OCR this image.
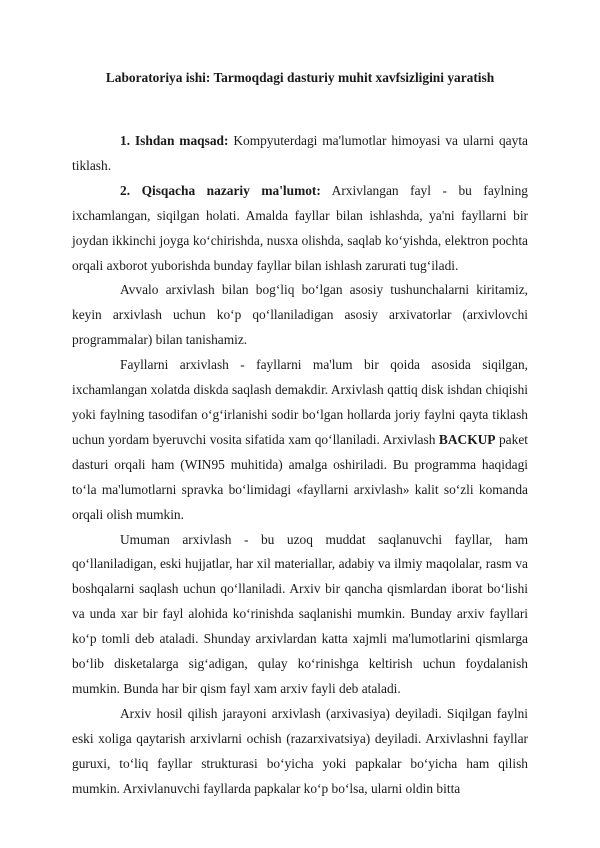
Laboratoriya ishi: Tarmoqdagi dasturiy muhit xavfsizligini yaratish

1. Ishdan maqsad: Kompyuterdagi ma'lumotlar himoyasi va ularni qayta tiklash.

2. Qisqacha nazariy ma'lumot: Arxivlangan fayl - bu faylning ixchamlangan, siqilgan holati. Amalda fayllar bilan ishlashda, ya'ni fayllarni bir joydan ikkinchi joyga ko‘chirishda, nusxa olishda, saqlab ko‘yishda, elektron pochta orqali axborot yuborishda bunday fayllar bilan ishlash zarurati tug‘iladi.

Avvalo arxivlash bilan bog‘liq bo‘lgan asosiy tushunchalarni kiritamiz, keyin arxivlash uchun ko‘p qo‘llaniladigan asosiy arxivatorlar (arxivlovchi programmalar) bilan tanishamiz.

Fayllarni arxivlash - fayllarni ma'lum bir qoida asosida siqilgan, ixchamlangan xolatda diskda saqlash demakdir. Arxivlash qattiq disk ishdan chiqishi yoki faylning tasodifan o‘g‘irlanishi sodir bo‘lgan hollarda joriy faylni qayta tiklash uchun yordam byeruvchi vosita sifatida xam qo‘llaniladi. Arxivlash BACKUP paket dasturi orqali ham (WIN95 muhitida) amalga oshiriladi. Bu programma haqidagi to‘la ma'lumotlarni spravka bo‘limidagi «fayllarni arxivlash» kalit so‘zli komanda orqali olish mumkin.

Umuman arxivlash - bu uzoq muddat saqlanuvchi fayllar, ham qo‘llaniladigan, eski hujjatlar, har xil materiallar, adabiy va ilmiy maqolalar, rasm va boshqalarni saqlash uchun qo‘llaniladi. Arxiv bir qancha qismlardan iborat bo‘lishi va unda xar bir fayl alohida ko‘rinishda saqlanishi mumkin. Bunday arxiv fayllari ko‘p tomli deb ataladi. Shunday arxivlardan katta xajmli ma'lumotlarini qismlarga bo‘lib disketalarga sig‘adigan, qulay ko‘rinishga keltirish uchun foydalanish mumkin. Bunda har bir qism fayl xam arxiv fayli deb ataladi.

Arxiv hosil qilish jarayoni arxivlash (arxivasiya) deyiladi. Siqilgan faylni eski xoliga qaytarish arxivlarni ochish (razarxivatsiya) deyiladi. Arxivlashni fayllar guruxi, to‘liq fayllar strukturasi bo‘yicha yoki papkalar bo‘yicha ham qilish mumkin. Arxivlanuvchi fayllarda papkalar ko‘p bo‘lsa, ularni oldin bitta
